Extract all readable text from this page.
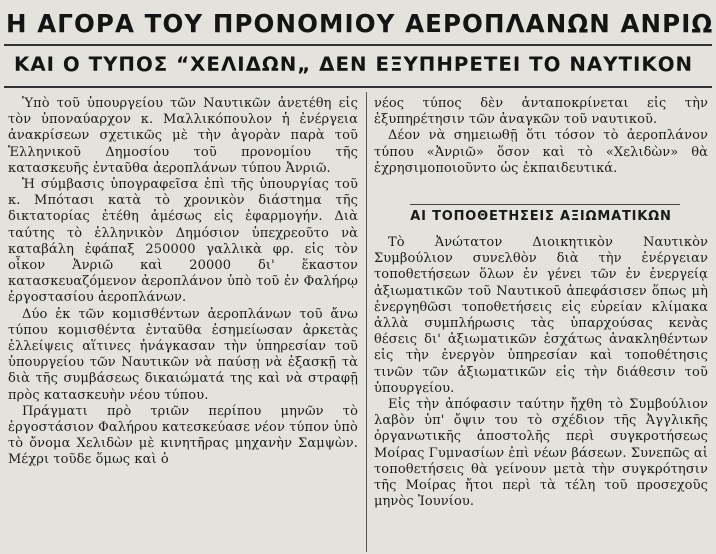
Η ΑΓΟΡΑ ΤΟΥ ΠΡΟΝΟΜΙΟΥ ΑΕΡΟΠΛΑΝΩΝ ΑΝΡΙΩ
ΚΑΙ Ο ΤΥΠΟΣ “ΧΕΛΙΔΩΝ„ ΔΕΝ ΕΞΥΠΗΡΕΤΕΙ ΤΟ ΝΑΥΤΙΚΟΝ

Ὑπὸ τοῦ ὑπουργείου τῶν Ναυτικῶν ἀνετέθη εἰς τὸν ὑποναύαρχον κ. Μαλλικόπουλον ἡ ἐνέργεια ἀνακρίσεων σχετικῶς μὲ τὴν ἀγορὰν παρὰ τοῦ Ἑλληνικοῦ Δημοσίου τοῦ προνομίου τῆς κατασκευῆς ἐνταῦθα ἀεροπλάνων τύπου Ἀνριῶ.

Ἡ σύμβασις ὑπογραφεῖσα ἐπὶ τῆς ὑπουργίας τοῦ κ. Μπότασι κατὰ τὸ χρονικὸν διάστημα τῆς δικτατορίας ἐτέθη ἀμέσως εἰς ἐφαρμογήν. Διὰ ταύτης τὸ ἑλληνικὸν Δημόσιον ὑπεχρεοῦτο νὰ καταβάλη ἐφάπαξ 250000 γαλλικὰ φρ. εἰς τὸν οἶκον Ἀνριῶ καὶ 20000 δι' ἕκαστον κατασκευαζόμενον ἀεροπλάνον ὑπὸ τοῦ ἐν Φαλήρῳ ἐργοστασίου ἀεροπλάνων.

Δύο ἐκ τῶν κομισθέντων ἀεροπλάνων τοῦ ἄνω τύπου κομισθέντα ἐνταῦθα ἐσημείωσαν ἀρκετὰς ἐλλείψεις αἵτινες ἠνάγκασαν τὴν ὑπηρεσίαν τοῦ ὑπουργείου τῶν Ναυτικῶν νὰ παύσῃ νὰ ἐξασκῇ τὰ διὰ τῆς συμβάσεως δικαιώματά της καὶ νὰ στραφῇ πρὸς κατασκευὴν νέου τύπου.

Πράγματι πρὸ τριῶν περίπου μηνῶν τὸ ἐργοστάσιον Φαλήρου κατεσκεύασε νέον τύπον ὑπὸ τὸ ὄνομα Χελιδὼν μὲ κινητῆρας μηχανὴν Σαμψὼν. Μέχρι τοῦδε ὅμως καὶ ὁ

νέος τύπος δὲν ἀνταποκρίνεται εἰς τὴν ἐξυπηρέτησιν τῶν ἀναγκῶν τοῦ ναυτικοῦ.

Δέον νὰ σημειωθῇ ὅτι τόσον τὸ ἀεροπλάνον τύπου «Ἀνριῶ» ὅσον καὶ τὸ «Χελιδὼν» θὰ ἐχρησιμοποιοῦντο ὡς ἐκπαιδευτικά.

ΑΙ ΤΟΠΟΘΕΤΗΣΕΙΣ ΑΞΙΩΜΑΤΙΚΩΝ

Τὸ Ἀνώτατον Διοικητικὸν Ναυτικὸν Συμβούλιον συνελθὸν διὰ τὴν ἐνέργειαν τοποθετήσεων ὅλων ἐν γένει τῶν ἐν ἐνεργείᾳ ἀξιωματικῶν τοῦ Ναυτικοῦ ἀπεφάσισεν ὅπως μὴ ἐνεργηθῶσι τοποθετήσεις εἰς εὐρείαν κλίμακα ἀλλὰ συμπλήρωσις τὰς ὑπαρχούσας κενὰς θέσεις δι' ἀξιωματικῶν ἐσχάτως ἀνακληθέντων εἰς τὴν ἐνεργὸν ὑπηρεσίαν καὶ τοποθέτησις τινῶν τῶν ἀξιωματικῶν εἰς τὴν διάθεσιν τοῦ ὑπουργείου.

Εἰς τὴν ἀπόφασιν ταύτην ἤχθη τὸ Συμβούλιον λαβὸν ὑπ' ὄψιν του τὸ σχέδιον τῆς Ἀγγλικῆς ὀργανωτικῆς ἀποστολῆς περὶ συγκροτήσεως Μοίρας Γυμνασίων ἐπὶ νέων βάσεων. Συνεπῶς αἱ τοποθετήσεις θὰ γείνουν μετὰ τὴν συγκρότησιν τῆς Μοίρας ἤτοι περὶ τὰ τέλη τοῦ προσεχοῦς μηνὸς Ἰουνίου.
